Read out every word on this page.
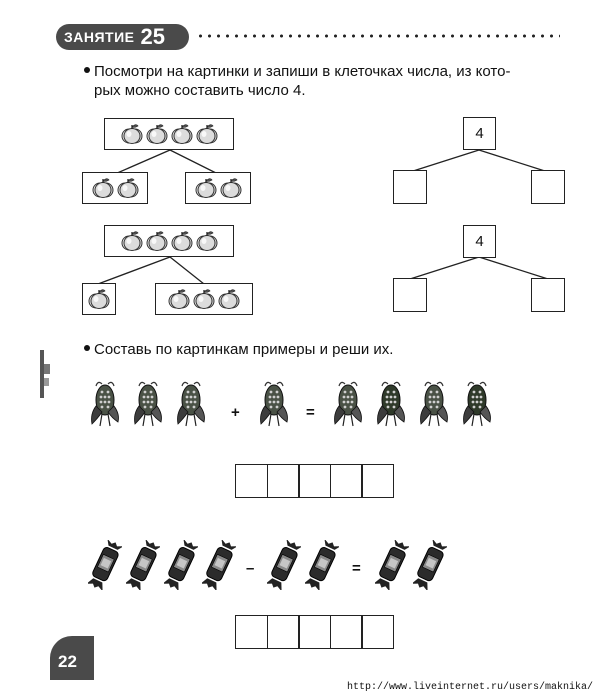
ЗАНЯТИЕ 25
Посмотри на картинки и запиши в клеточках числа, из кото-
рых можно составить число 4.
4
4
Составь по картинкам примеры и реши их.
+	=
–	=
22
http://www.liveinternet.ru/users/maknika/
